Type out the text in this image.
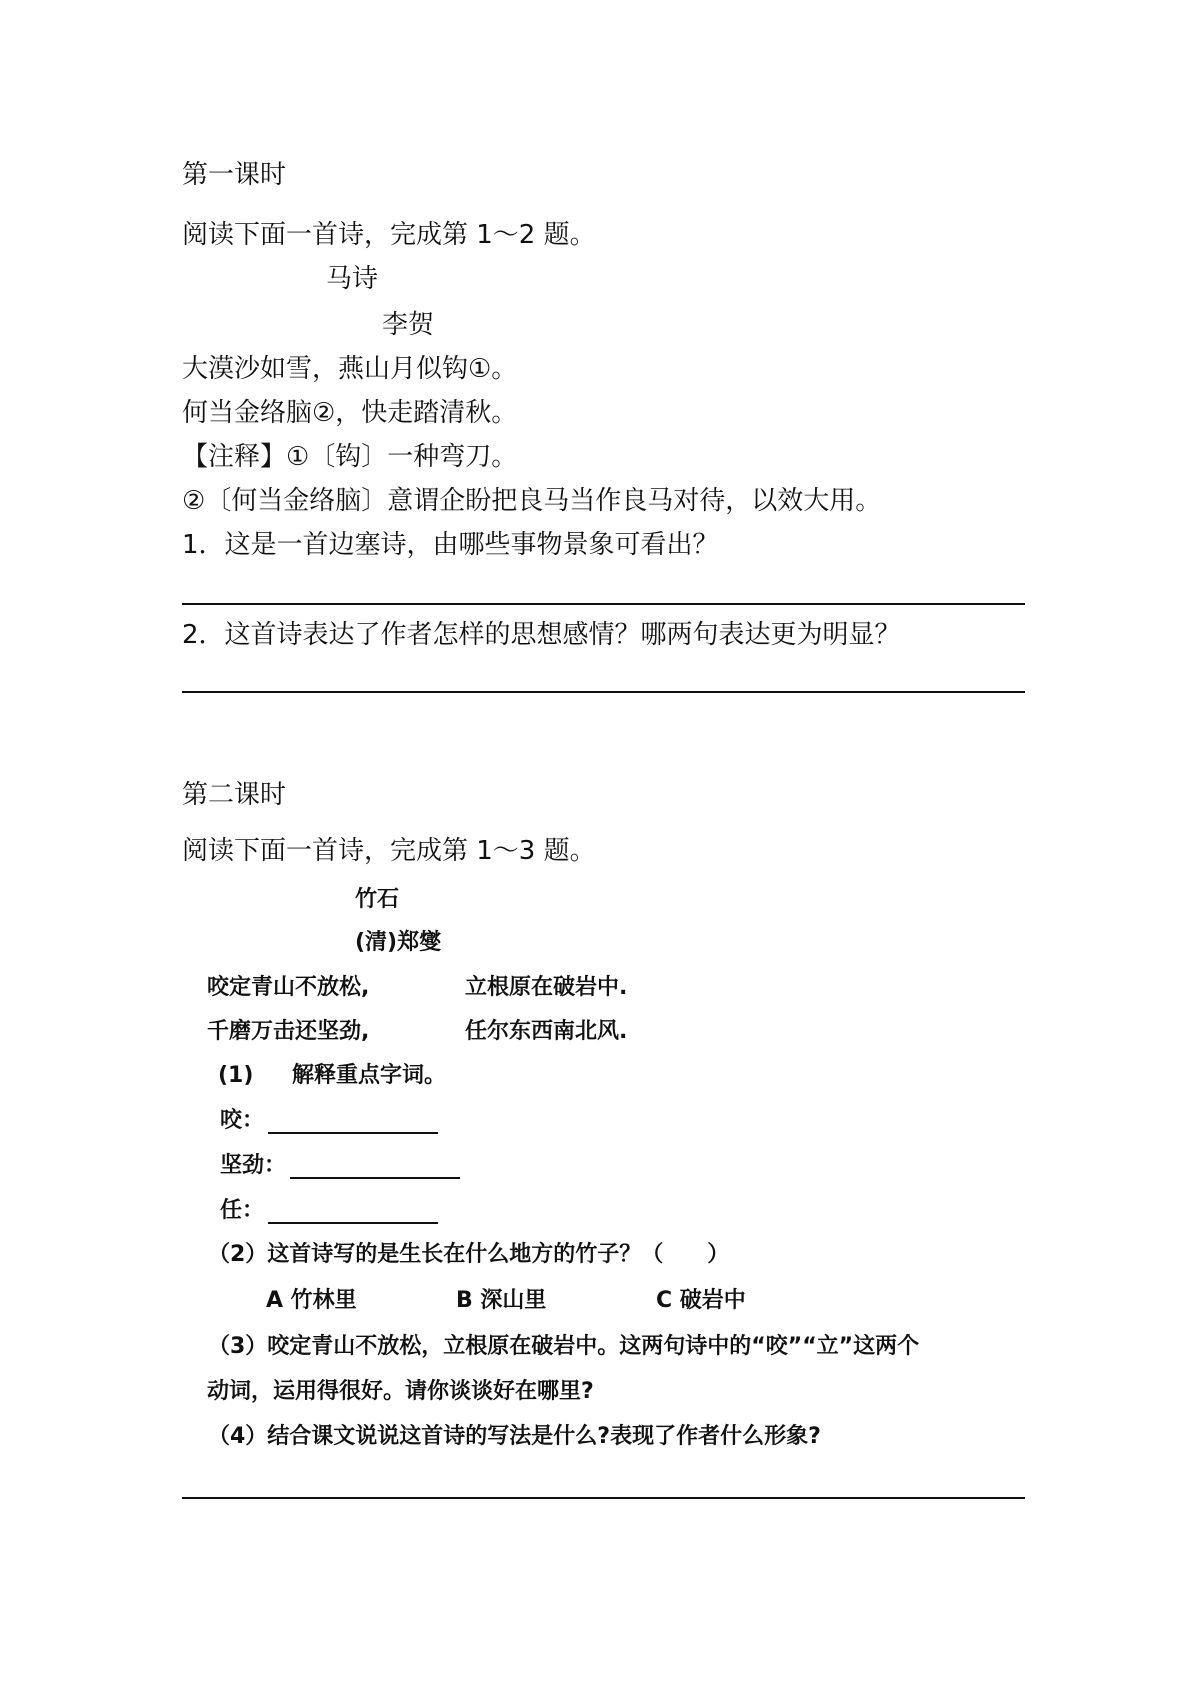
第一课时
阅读下面一首诗，完成第 1～2 题。
马诗
李贺
大漠沙如雪，燕山月似钩①。
何当金络脑②，快走踏清秋。
【注释】①〔钩〕一种弯刀。
②〔何当金络脑〕意谓企盼把良马当作良马对待，以效大用。
1．这是一首边塞诗，由哪些事物景象可看出？
2．这首诗表达了作者怎样的思想感情？哪两句表达更为明显？
第二课时
阅读下面一首诗，完成第 1～3 题。
竹石
(清)郑燮
咬定青山不放松,	立根原在破岩中.
千磨万击还坚劲,	任尔东西南北风.
(1) 解释重点字词。
咬：
坚劲：
任：
（2）这首诗写的是生长在什么地方的竹子？（　　）
A 竹林里	B 深山里	C 破岩中
（3）咬定青山不放松，立根原在破岩中。这两句诗中的“咬”“立”这两个
动词，运用得很好。请你谈谈好在哪里?
（4）结合课文说说这首诗的写法是什么?表现了作者什么形象?
